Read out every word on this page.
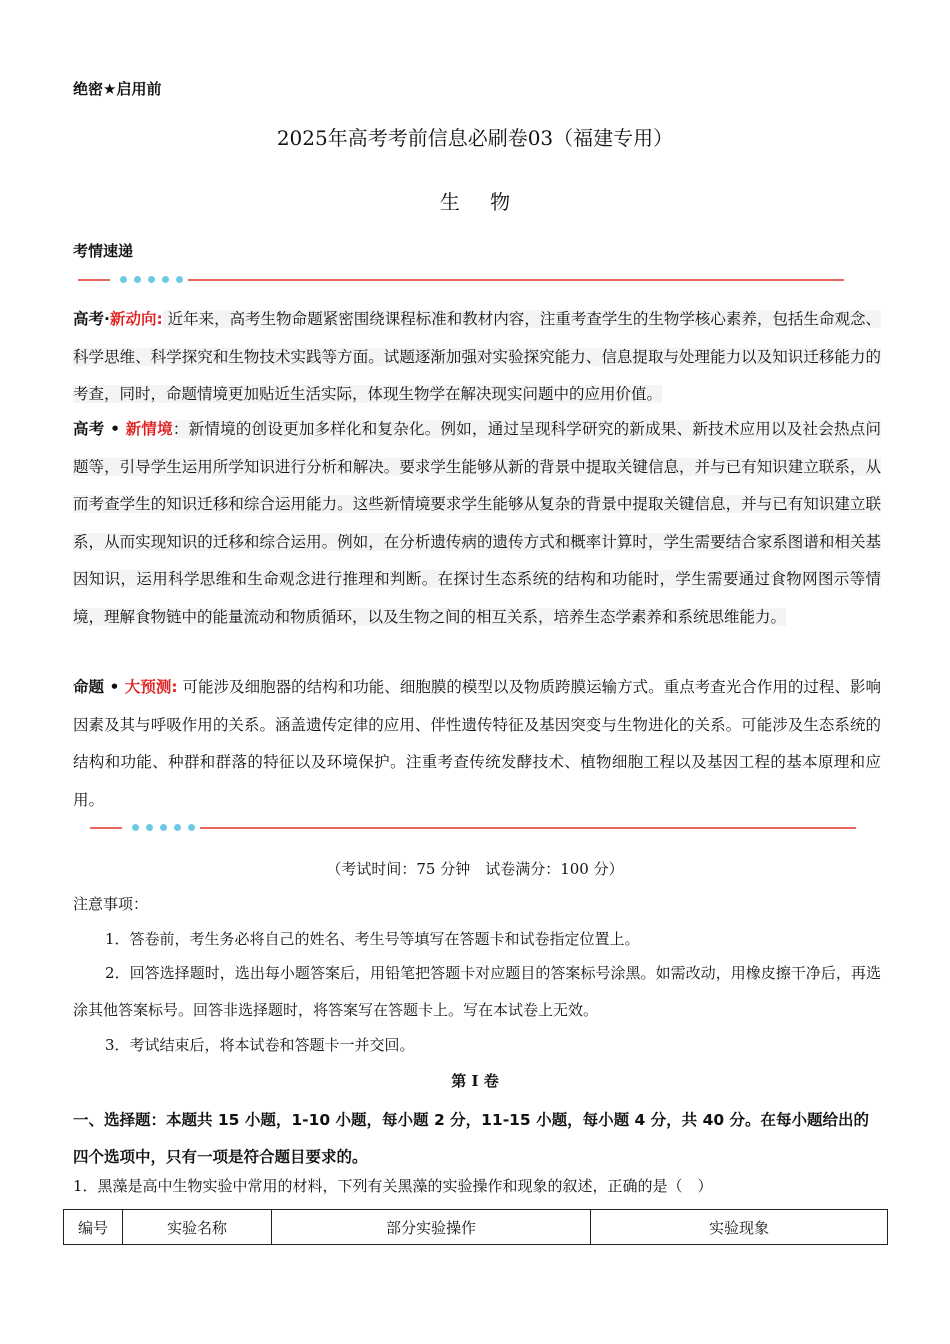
绝密★启用前
2025年高考考前信息必刷卷03（福建专用）
生 物
考情速递
高考·新动向: 近年来，高考生物命题紧密围绕课程标准和教材内容，注重考查学生的生物学核心素养，包括生命观念、科学思维、科学探究和生物技术实践等方面。试题逐渐加强对实验探究能力、信息提取与处理能力以及知识迁移能力的考查，同时，命题情境更加贴近生活实际，体现生物学在解决现实问题中的应用价值。
高考 • 新情境：新情境的创设更加多样化和复杂化。例如，通过呈现科学研究的新成果、新技术应用以及社会热点问题等，引导学生运用所学知识进行分析和解决。要求学生能够从新的背景中提取关键信息，并与已有知识建立联系，从而考查学生的知识迁移和综合运用能力。这些新情境要求学生能够从复杂的背景中提取关键信息，并与已有知识建立联系，从而实现知识的迁移和综合运用。例如，在分析遗传病的遗传方式和概率计算时，学生需要结合家系图谱和相关基因知识，运用科学思维和生命观念进行推理和判断。在探讨生态系统的结构和功能时，学生需要通过食物网图示等情境，理解食物链中的能量流动和物质循环，以及生物之间的相互关系，培养生态学素养和系统思维能力。
命题 • 大预测: 可能涉及细胞器的结构和功能、细胞膜的模型以及物质跨膜运输方式。重点考查光合作用的过程、影响因素及其与呼吸作用的关系。涵盖遗传定律的应用、伴性遗传特征及基因突变与生物进化的关系。可能涉及生态系统的结构和功能、种群和群落的特征以及环境保护。注重考查传统发酵技术、植物细胞工程以及基因工程的基本原理和应用。
（考试时间：75 分钟　试卷满分：100 分）
注意事项：
1．答卷前，考生务必将自己的姓名、考生号等填写在答题卡和试卷指定位置上。
2．回答选择题时，选出每小题答案后，用铅笔把答题卡对应题目的答案标号涂黑。如需改动，用橡皮擦干净后，再选涂其他答案标号。回答非选择题时，将答案写在答题卡上。写在本试卷上无效。
3．考试结束后，将本试卷和答题卡一并交回。
第 I 卷
一、选择题：本题共 15 小题，1-10 小题，每小题 2 分，11-15 小题，每小题 4 分，共 40 分。在每小题给出的四个选项中，只有一项是符合题目要求的。
1．黑藻是高中生物实验中常用的材料，下列有关黑藻的实验操作和现象的叙述，正确的是（　）
编号	实验名称	部分实验操作	实验现象
